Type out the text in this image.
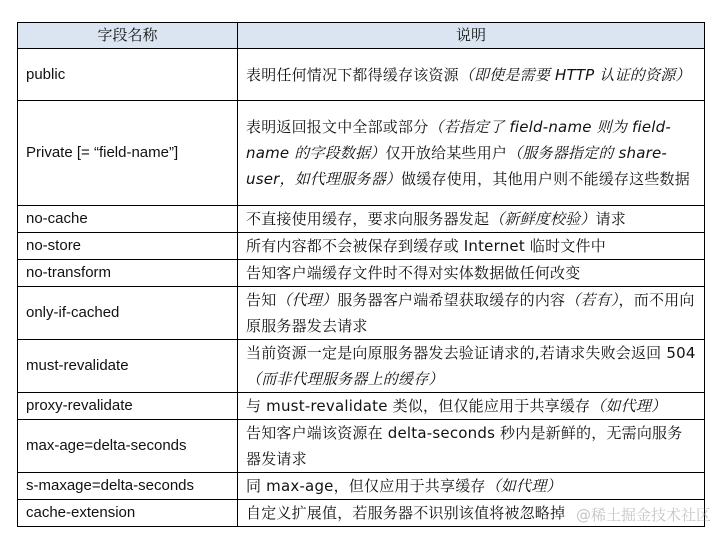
字段名称	说明
public	表明任何情况下都得缓存该资源（即使是需要 HTTP 认证的资源）
Private [= “field-name”]	表明返回报文中全部或部分（若指定了 field-name 则为 field-name 的字段数据）仅开放给某些用户（服务器指定的 share-user，如代理服务器）做缓存使用，其他用户则不能缓存这些数据
no-cache	不直接使用缓存，要求向服务器发起（新鲜度校验）请求
no-store	所有内容都不会被保存到缓存或 Internet 临时文件中
no-transform	告知客户端缓存文件时不得对实体数据做任何改变
only-if-cached	告知（代理）服务器客户端希望获取缓存的内容（若有），而不用向原服务器发去请求
must-revalidate	当前资源一定是向原服务器发去验证请求的,若请求失败会返回 504（而非代理服务器上的缓存）
proxy-revalidate	与 must-revalidate 类似，但仅能应用于共享缓存（如代理）
max-age=delta-seconds	告知客户端该资源在 delta-seconds 秒内是新鲜的，无需向服务器发请求
s-maxage=delta-seconds	同 max-age，但仅应用于共享缓存（如代理）
cache-extension	自定义扩展值，若服务器不识别该值将被忽略掉 @稀土掘金技术社区
